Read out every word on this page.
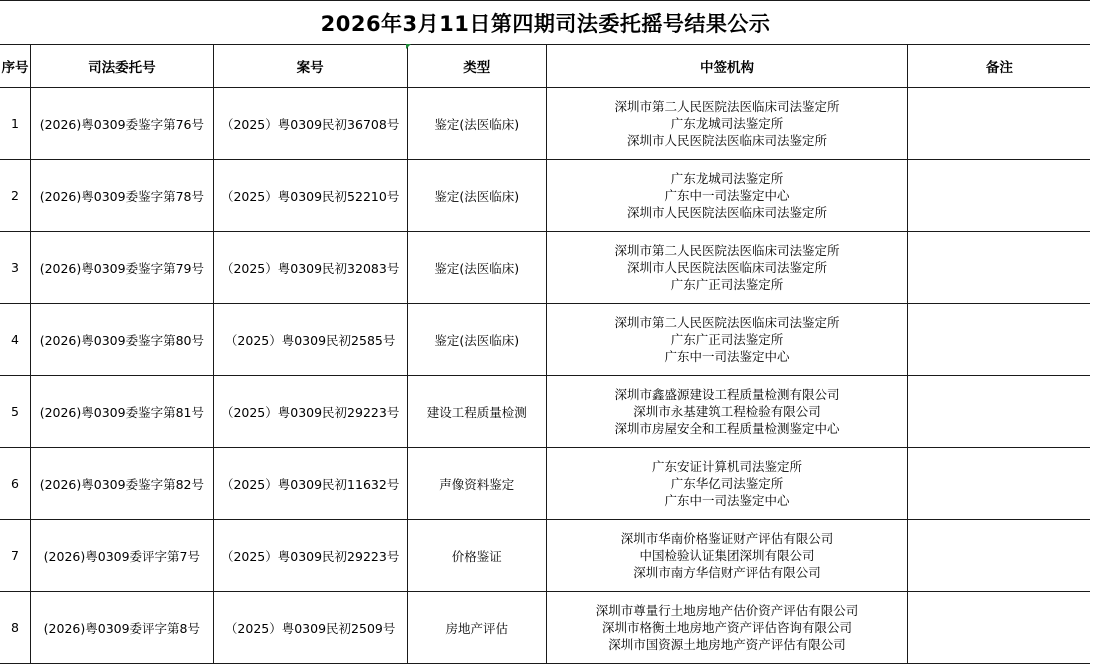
2026年3月11日第四期司法委托摇号结果公示					
序号	司法委托号	案号	类型	中签机构	备注
1	(2026)粤0309委鉴字第76号	（2025）粤0309民初36708号	鉴定(法医临床)	深圳市第二人民医院法医临床司法鉴定所
广东龙城司法鉴定所
深圳市人民医院法医临床司法鉴定所	

2	(2026)粤0309委鉴字第78号	（2025）粤0309民初52210号	鉴定(法医临床)	广东龙城司法鉴定所
广东中一司法鉴定中心
深圳市人民医院法医临床司法鉴定所	

3	(2026)粤0309委鉴字第79号	（2025）粤0309民初32083号	鉴定(法医临床)	深圳市第二人民医院法医临床司法鉴定所
深圳市人民医院法医临床司法鉴定所
广东广正司法鉴定所	

4	(2026)粤0309委鉴字第80号	（2025）粤0309民初2585号	鉴定(法医临床)	深圳市第二人民医院法医临床司法鉴定所
广东广正司法鉴定所
广东中一司法鉴定中心	

5	(2026)粤0309委鉴字第81号	（2025）粤0309民初29223号	建设工程质量检测	深圳市鑫盛源建设工程质量检测有限公司
深圳市永基建筑工程检验有限公司
深圳市房屋安全和工程质量检测鉴定中心	

6	(2026)粤0309委鉴字第82号	（2025）粤0309民初11632号	声像资料鉴定	广东安证计算机司法鉴定所
广东华亿司法鉴定所
广东中一司法鉴定中心	

7	(2026)粤0309委评字第7号	（2025）粤0309民初29223号	价格鉴证	深圳市华南价格鉴证财产评估有限公司
中国检验认证集团深圳有限公司
深圳市南方华信财产评估有限公司	

8	(2026)粤0309委评字第8号	（2025）粤0309民初2509号	房地产评估	深圳市尊量行土地房地产估价资产评估有限公司
深圳市格衡土地房地产资产评估咨询有限公司
深圳市国资源土地房地产资产评估有限公司	
